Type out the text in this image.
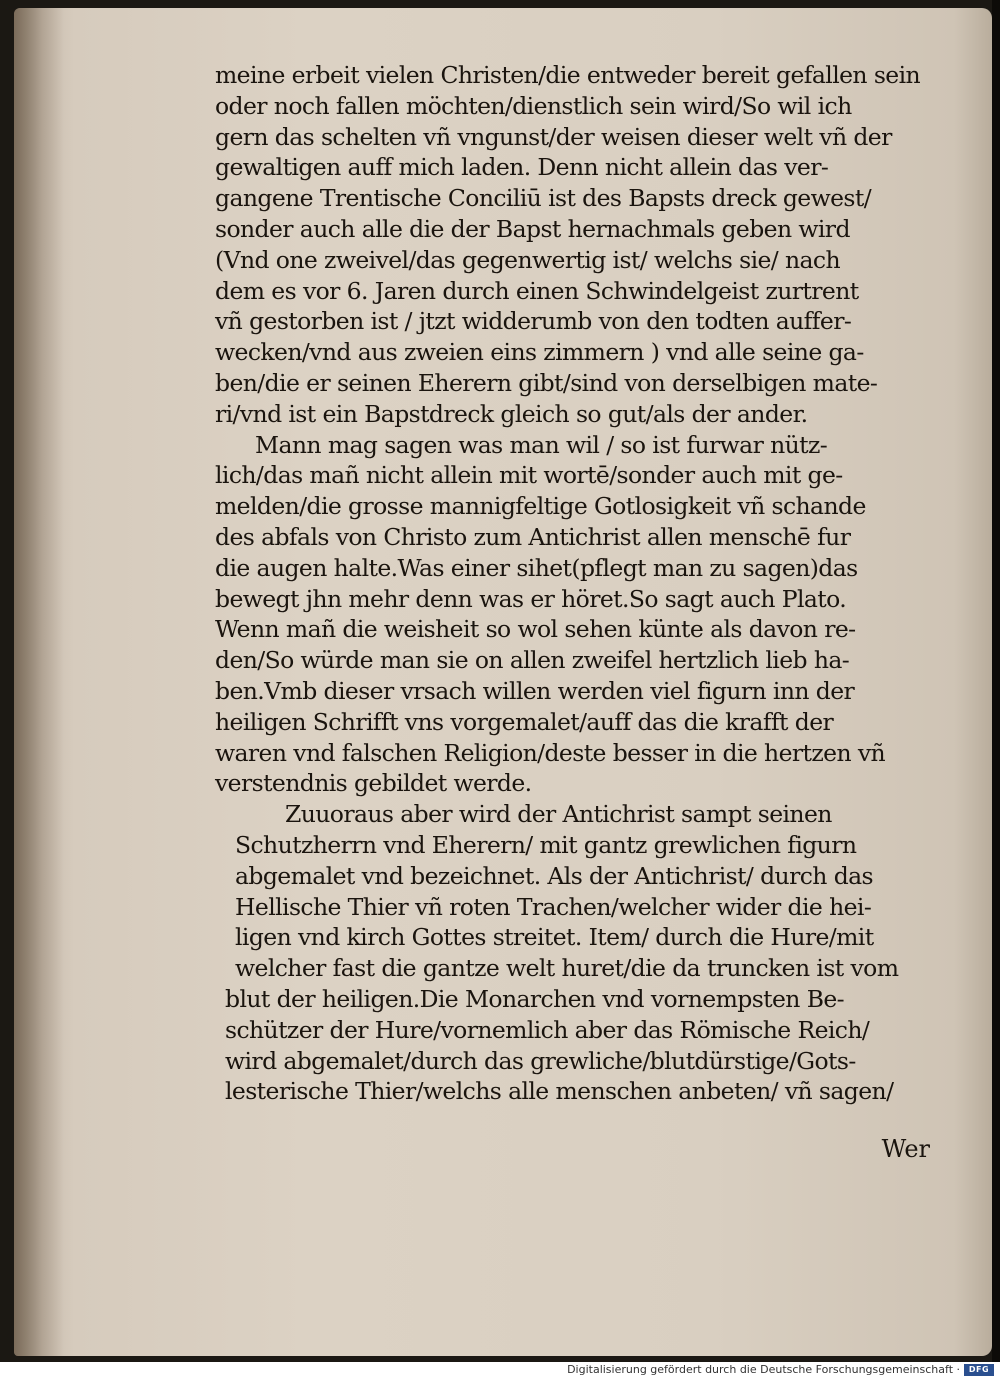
meine erbeit vielen Christen/die entweder bereit gefallen sein
oder noch fallen möchten/dienstlich sein wird/So wil ich
gern das schelten vñ vngunst/der weisen dieser welt vñ der
gewaltigen auff mich laden. Denn nicht allein das ver-
gangene Trentische Conciliū ist des Bapsts dreck gewest/
sonder auch alle die der Bapst hernachmals geben wird
(Vnd one zweivel/das gegenwertig ist/ welchs sie/ nach
dem es vor 6. Jaren durch einen Schwindelgeist zurtrent
vñ gestorben ist / jtzt widderumb von den todten auffer-
wecken/vnd aus zweien eins zimmern ) vnd alle seine ga-
ben/die er seinen Eherern gibt/sind von derselbigen mate-
ri/vnd ist ein Bapstdreck gleich so gut/als der ander.
Mann mag sagen was man wil / so ist furwar nütz-
lich/das mañ nicht allein mit wortē/sonder auch mit ge-
melden/die grosse mannigfeltige Gotlosigkeit vñ schande
des abfals von Christo zum Antichrist allen menschē fur
die augen halte.Was einer sihet(pflegt man zu sagen)das
bewegt jhn mehr denn was er höret.So sagt auch Plato.
Wenn mañ die weisheit so wol sehen künte als davon re-
den/So würde man sie on allen zweifel hertzlich lieb ha-
ben.Vmb dieser vrsach willen werden viel figurn inn der
heiligen Schrifft vns vorgemalet/auff das die krafft der
waren vnd falschen Religion/deste besser in die hertzen vñ
verstendnis gebildet werde.
Zuuoraus aber wird der Antichrist sampt seinen
Schutzherrn vnd Eherern/ mit gantz grewlichen figurn
abgemalet vnd bezeichnet. Als der Antichrist/ durch das
Hellische Thier vñ roten Trachen/welcher wider die hei-
ligen vnd kirch Gottes streitet. Item/ durch die Hure/mit
welcher fast die gantze welt huret/die da truncken ist vom
blut der heiligen.Die Monarchen vnd vornempsten Be-
schützer der Hure/vornemlich aber das Römische Reich/
wird abgemalet/durch das grewliche/blutdürstige/Gots-
lesterische Thier/welchs alle menschen anbeten/ vñ sagen/
Wer
Digitalisierung gefördert durch die Deutsche Forschungsgemeinschaft ·	DFG
